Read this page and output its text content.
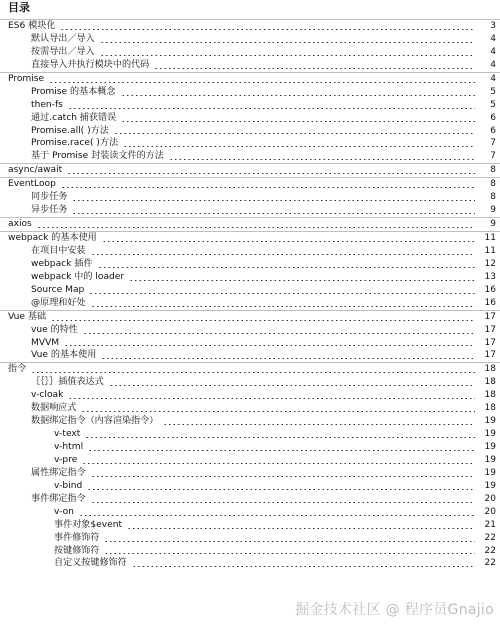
目录
ES6 模块化	3
默认导出／导入	4
按需导出／导入	4
直接导入并执行模块中的代码	4
Promise	4
Promise 的基本概念	5
then-fs	5
通过.catch 捕获错误	6
Promise.all( )方法	6
Promise.race( )方法	7
基于 Promise 封装读文件的方法	7
async/await	8
EventLoop	8
同步任务	8
异步任务	9
axios	9
webpack 的基本使用	11
在项目中安装	11
webpack 插件	12
webpack 中的 loader	13
Source Map	16
@原理和好处	16
Vue 基础	17
vue 的特性	17
MVVM	17
Vue 的基本使用	17
指令	18
｛｛｝｝插值表达式	18
v-cloak	18
数据响应式	18
数据绑定指令（内容渲染指令）	19
v-text	19
v-html	19
v-pre	19
属性绑定指令	19
v-bind	19
事件绑定指令	20
v-on	20
事件对象$event	21
事件修饰符	22
按键修饰符	22
自定义按键修饰符	22
掘金技术社区 @ 程序员Gnajio
